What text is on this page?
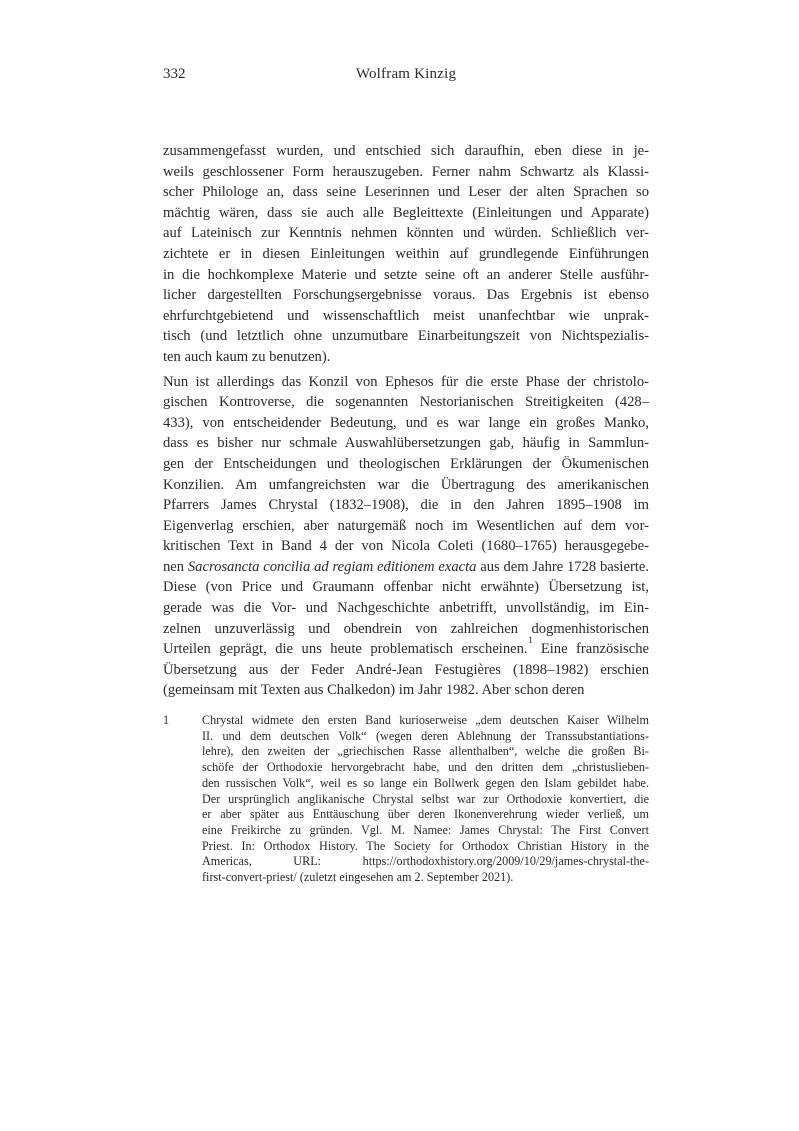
332	Wolfram Kinzig
zusammengefasst wurden, und entschied sich daraufhin, eben diese in je-
weils geschlossener Form herauszugeben. Ferner nahm Schwartz als Klassi-
scher Philologe an, dass seine Leserinnen und Leser der alten Sprachen so
mächtig wären, dass sie auch alle Begleittexte (Einleitungen und Apparate)
auf Lateinisch zur Kenntnis nehmen könnten und würden. Schließlich ver-
zichtete er in diesen Einleitungen weithin auf grundlegende Einführungen
in die hochkomplexe Materie und setzte seine oft an anderer Stelle ausführ-
licher dargestellten Forschungsergebnisse voraus. Das Ergebnis ist ebenso
ehrfurchtgebietend und wissenschaftlich meist unanfechtbar wie unprak-
tisch (und letztlich ohne unzumutbare Einarbeitungszeit von Nichtspezialis-
ten auch kaum zu benutzen).
Nun ist allerdings das Konzil von Ephesos für die erste Phase der christolo-
gischen Kontroverse, die sogenannten Nestorianischen Streitigkeiten (428–
433), von entscheidender Bedeutung, und es war lange ein großes Manko,
dass es bisher nur schmale Auswahlübersetzungen gab, häufig in Sammlun-
gen der Entscheidungen und theologischen Erklärungen der Ökumenischen
Konzilien. Am umfangreichsten war die Übertragung des amerikanischen
Pfarrers James Chrystal (1832–1908), die in den Jahren 1895–1908 im
Eigenverlag erschien, aber naturgemäß noch im Wesentlichen auf dem vor-
kritischen Text in Band 4 der von Nicola Coleti (1680–1765) herausgegebe-
nen Sacrosancta concilia ad regiam editionem exacta aus dem Jahre 1728 basierte.
Diese (von Price und Graumann offenbar nicht erwähnte) Übersetzung ist,
gerade was die Vor- und Nachgeschichte anbetrifft, unvollständig, im Ein-
zelnen unzuverlässig und obendrein von zahlreichen dogmenhistorischen
Urteilen geprägt, die uns heute problematisch erscheinen.$^1$ Eine französische
Übersetzung aus der Feder André-Jean Festugières (1898–1982) erschien
(gemeinsam mit Texten aus Chalkedon) im Jahr 1982. Aber schon deren
1	Chrystal widmete den ersten Band kurioserweise „dem deutschen Kaiser Wilhelm
II. und dem deutschen Volk“ (wegen deren Ablehnung der Transsubstantiations-
lehre), den zweiten der „griechischen Rasse allenthalben“, welche die großen Bi-
schöfe der Orthodoxie hervorgebracht habe, und den dritten dem „christuslieben-
den russischen Volk“, weil es so lange ein Bollwerk gegen den Islam gebildet habe.
Der ursprünglich anglikanische Chrystal selbst war zur Orthodoxie konvertiert, die
er aber später aus Enttäuschung über deren Ikonenverehrung wieder verließ, um
eine Freikirche zu gründen. Vgl. M. Namee: James Chrystal: The First Convert
Priest. In: Orthodox History. The Society for Orthodox Christian History in the
Americas, URL: https://orthodoxhistory.org/2009/10/29/james-chrystal-the-
first-convert-priest/ (zuletzt eingesehen am 2. September 2021).
